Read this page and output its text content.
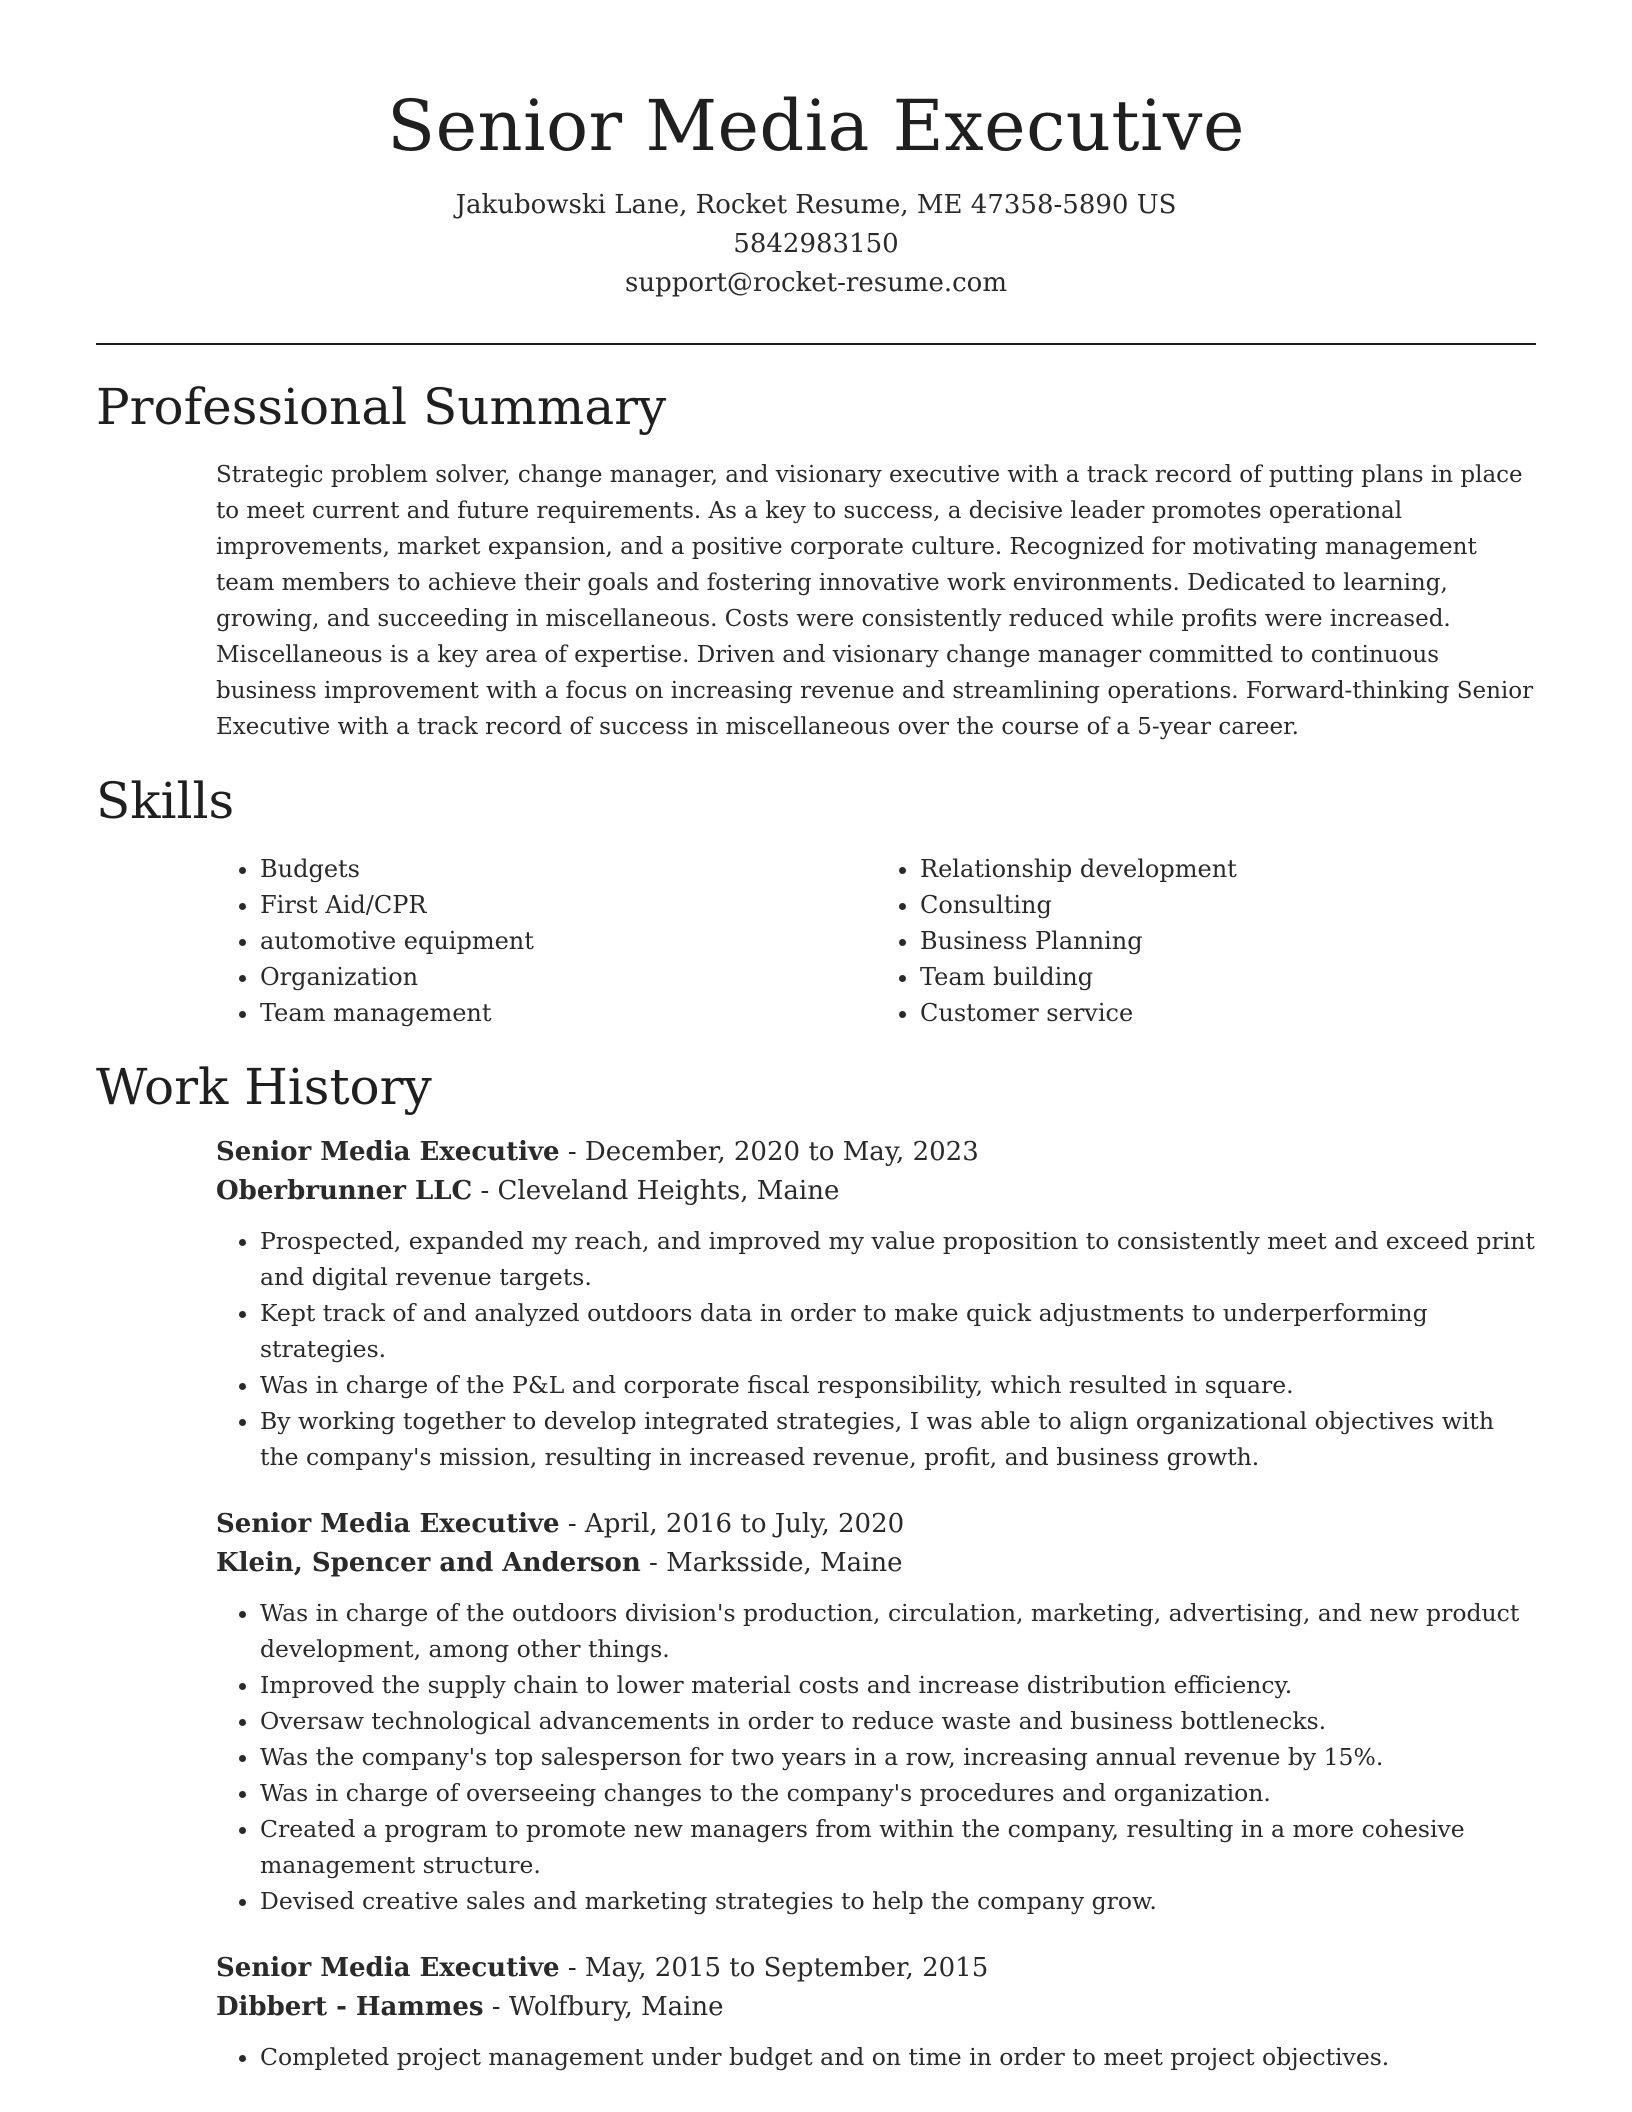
Senior Media Executive
Jakubowski Lane, Rocket Resume, ME 47358-5890 US
5842983150
support@rocket-resume.com
Professional Summary

Strategic problem solver, change manager, and visionary executive with a track record of putting plans in place to meet current and future requirements. As a key to success, a decisive leader promotes operational improvements, market expansion, and a positive corporate culture. Recognized for motivating management team members to achieve their goals and fostering innovative work environments. Dedicated to learning, growing, and succeeding in miscellaneous. Costs were consistently reduced while profits were increased. Miscellaneous is a key area of expertise. Driven and visionary change manager committed to continuous business improvement with a focus on increasing revenue and streamlining operations. Forward-thinking Senior Executive with a track record of success in miscellaneous over the course of a 5-year career.

Skills
• Budgets
• First Aid/CPR
• automotive equipment
• Organization
• Team management
• Relationship development
• Consulting
• Business Planning
• Team building
• Customer service
Work History
Senior Media Executive - December, 2020 to May, 2023
Oberbrunner LLC - Cleveland Heights, Maine
• Prospected, expanded my reach, and improved my value proposition to consistently meet and exceed print and digital revenue targets.
• Kept track of and analyzed outdoors data in order to make quick adjustments to underperforming strategies.
• Was in charge of the P&L and corporate fiscal responsibility, which resulted in square.
• By working together to develop integrated strategies, I was able to align organizational objectives with the company's mission, resulting in increased revenue, profit, and business growth.
Senior Media Executive - April, 2016 to July, 2020
Klein, Spencer and Anderson - Marksside, Maine
• Was in charge of the outdoors division's production, circulation, marketing, advertising, and new product development, among other things.
• Improved the supply chain to lower material costs and increase distribution efficiency.
• Oversaw technological advancements in order to reduce waste and business bottlenecks.
• Was the company's top salesperson for two years in a row, increasing annual revenue by 15%.
• Was in charge of overseeing changes to the company's procedures and organization.
• Created a program to promote new managers from within the company, resulting in a more cohesive management structure.
• Devised creative sales and marketing strategies to help the company grow.
Senior Media Executive - May, 2015 to September, 2015
Dibbert - Hammes - Wolfbury, Maine
• Completed project management under budget and on time in order to meet project objectives.
